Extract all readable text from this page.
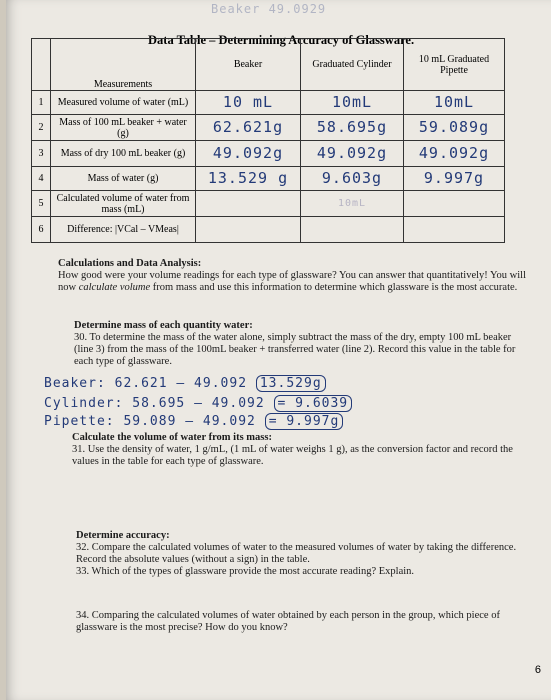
Beaker 49.0929
Data Table – Determining Accuracy of Glassware.
	Measurements	Beaker	Graduated Cylinder	10 mL Graduated Pipette
1	Measured volume of water (mL)	10 mL	10mL	10mL
2	Mass of 100 mL beaker + water (g)	62.621g	58.695g	59.089g
3	Mass of dry 100 mL beaker (g)	49.092g	49.092g	49.092g
4	Mass of water (g)	13.529 g	9.603g	9.997g
5	Calculated volume of water from mass (mL)		10mL	
6	Difference: |VCal – VMeas|			
Calculations and Data Analysis:
How good were your volume readings for each type of glassware? You can answer that quantitatively! You will now calculate volume from mass and use this information to determine which glassware is the most accurate.
Determine mass of each quantity water:
30. To determine the mass of the water alone, simply subtract the mass of the dry, empty 100 mL beaker (line 3) from the mass of the 100mL beaker + transferred water (line 2). Record this value in the table for each type of glassware.
Beaker: 62.621 – 49.092 13.529g
Cylinder: 58.695 – 49.092 = 9.6039
Pipette: 59.089 – 49.092 = 9.997g
Calculate the volume of water from its mass:
31. Use the density of water, 1 g/mL, (1 mL of water weighs 1 g), as the conversion factor and record the values in the table for each type of glassware.
Determine accuracy:
32. Compare the calculated volumes of water to the measured volumes of water by taking the difference. Record the absolute values (without a sign) in the table.
33. Which of the types of glassware provide the most accurate reading? Explain.
34. Comparing the calculated volumes of water obtained by each person in the group, which piece of glassware is the most precise? How do you know?
6
